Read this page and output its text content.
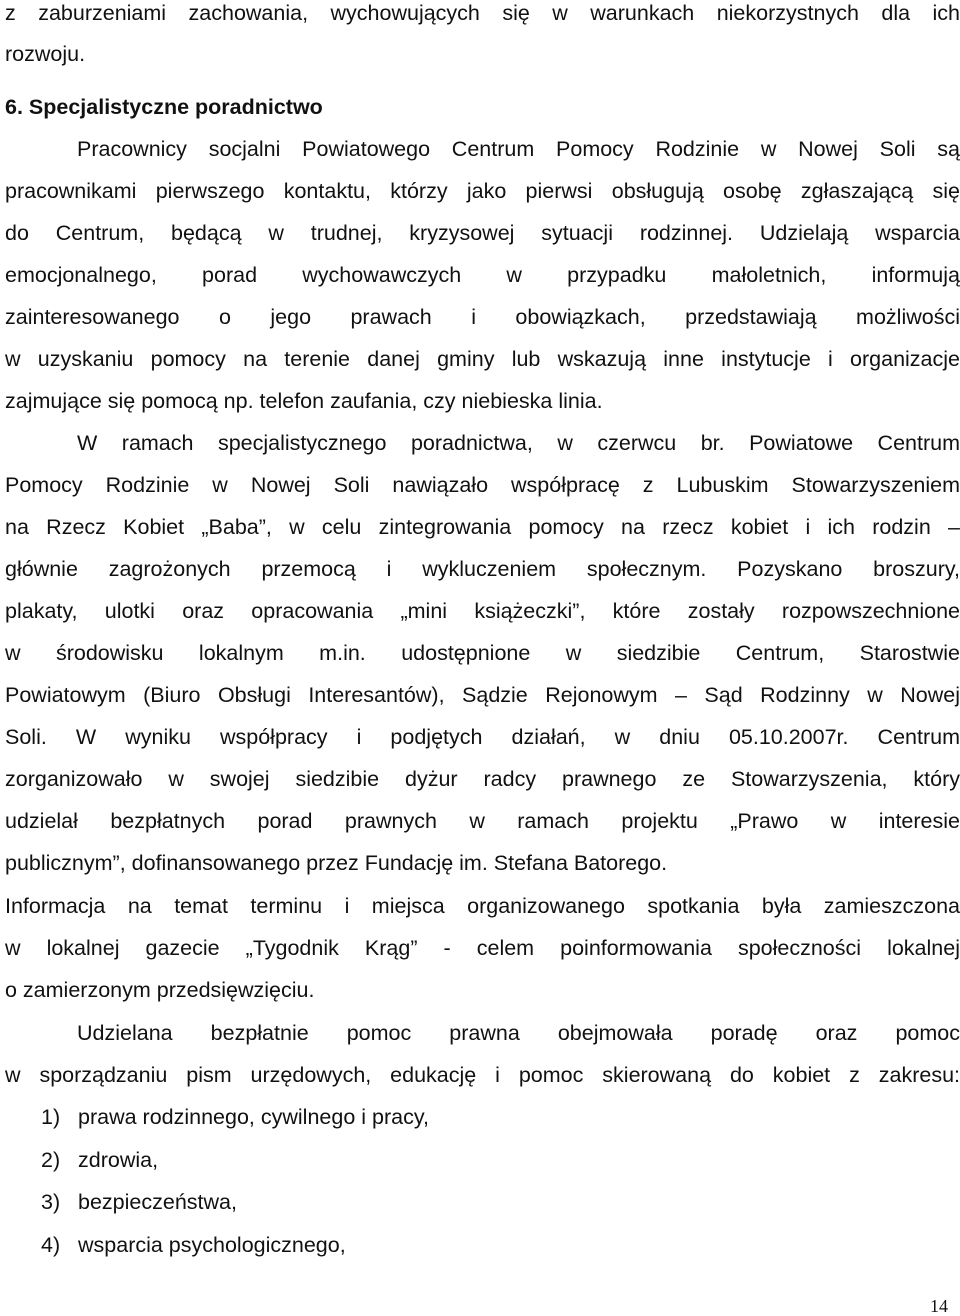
z zaburzeniami zachowania, wychowujących się w warunkach niekorzystnych dla ich
rozwoju.
6. Specjalistyczne poradnictwo
Pracownicy socjalni Powiatowego Centrum Pomocy Rodzinie w Nowej Soli są
pracownikami pierwszego kontaktu, którzy jako pierwsi obsługują osobę zgłaszającą się
do Centrum, będącą w trudnej, kryzysowej sytuacji rodzinnej. Udzielają wsparcia
emocjonalnego, porad wychowawczych w przypadku małoletnich, informują
zainteresowanego o jego prawach i obowiązkach, przedstawiają możliwości
w uzyskaniu pomocy na terenie danej gminy lub wskazują inne instytucje i organizacje
zajmujące się pomocą np. telefon zaufania, czy niebieska linia.
W ramach specjalistycznego poradnictwa, w czerwcu br. Powiatowe Centrum
Pomocy Rodzinie w Nowej Soli nawiązało współpracę z Lubuskim Stowarzyszeniem
na Rzecz Kobiet „Baba”, w celu zintegrowania pomocy na rzecz kobiet i ich rodzin –
głównie zagrożonych przemocą i wykluczeniem społecznym. Pozyskano broszury,
plakaty, ulotki oraz opracowania „mini książeczki”, które zostały rozpowszechnione
w środowisku lokalnym m.in. udostępnione w siedzibie Centrum, Starostwie
Powiatowym (Biuro Obsługi Interesantów), Sądzie Rejonowym – Sąd Rodzinny w Nowej
Soli. W wyniku współpracy i podjętych działań, w dniu 05.10.2007r. Centrum
zorganizowało w swojej siedzibie dyżur radcy prawnego ze Stowarzyszenia, który
udzielał bezpłatnych porad prawnych w ramach projektu „Prawo w interesie
publicznym”, dofinansowanego przez Fundację im. Stefana Batorego.
Informacja na temat terminu i miejsca organizowanego spotkania była zamieszczona
w lokalnej gazecie „Tygodnik Krąg” - celem poinformowania społeczności lokalnej
o zamierzonym przedsięwzięciu.
Udzielana bezpłatnie pomoc prawna obejmowała poradę oraz pomoc
w sporządzaniu pism urzędowych, edukację i pomoc skierowaną do kobiet z zakresu:
1) prawa rodzinnego, cywilnego i pracy,
2) zdrowia,
3) bezpieczeństwa,
4) wsparcia psychologicznego,
14
